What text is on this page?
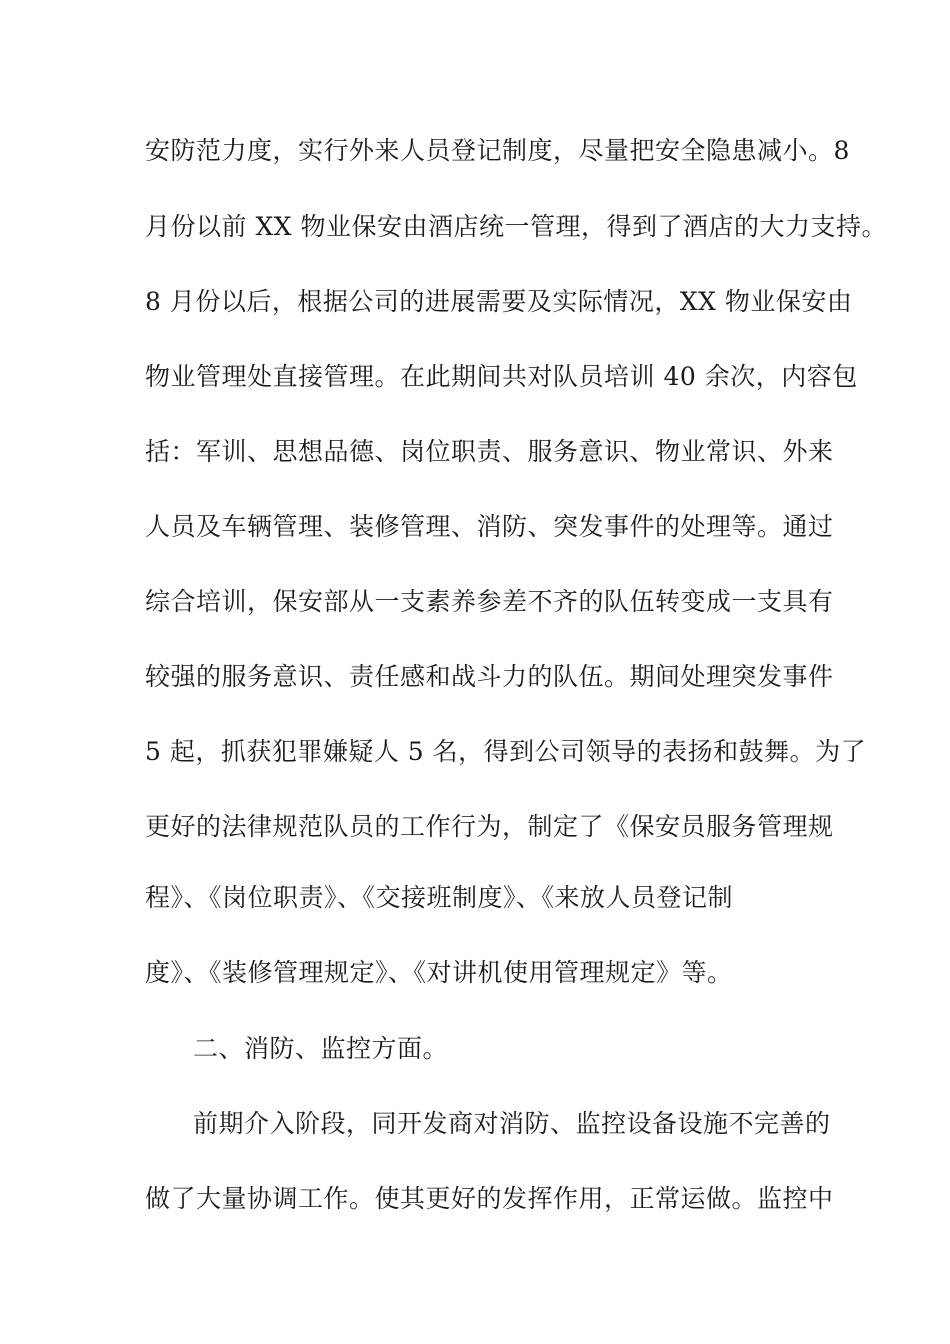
安防范力度，实行外来人员登记制度，尽量把安全隐患减小。8
月份以前 XX 物业保安由酒店统一管理，得到了酒店的大力支持。
8 月份以后，根据公司的进展需要及实际情况，XX 物业保安由
物业管理处直接管理。在此期间共对队员培训 40 余次，内容包
括：军训、思想品德、岗位职责、服务意识、物业常识、外来
人员及车辆管理、装修管理、消防、突发事件的处理等。通过
综合培训，保安部从一支素养参差不齐的队伍转变成一支具有
较强的服务意识、责任感和战斗力的队伍。期间处理突发事件
5 起，抓获犯罪嫌疑人 5 名，得到公司领导的表扬和鼓舞。为了
更好的法律规范队员的工作行为，制定了《保安员服务管理规
程》、《岗位职责》、《交接班制度》、《来放人员登记制
度》、《装修管理规定》、《对讲机使用管理规定》等。
二、消防、监控方面。
前期介入阶段，同开发商对消防、监控设备设施不完善的
做了大量协调工作。使其更好的发挥作用，正常运做。监控中
